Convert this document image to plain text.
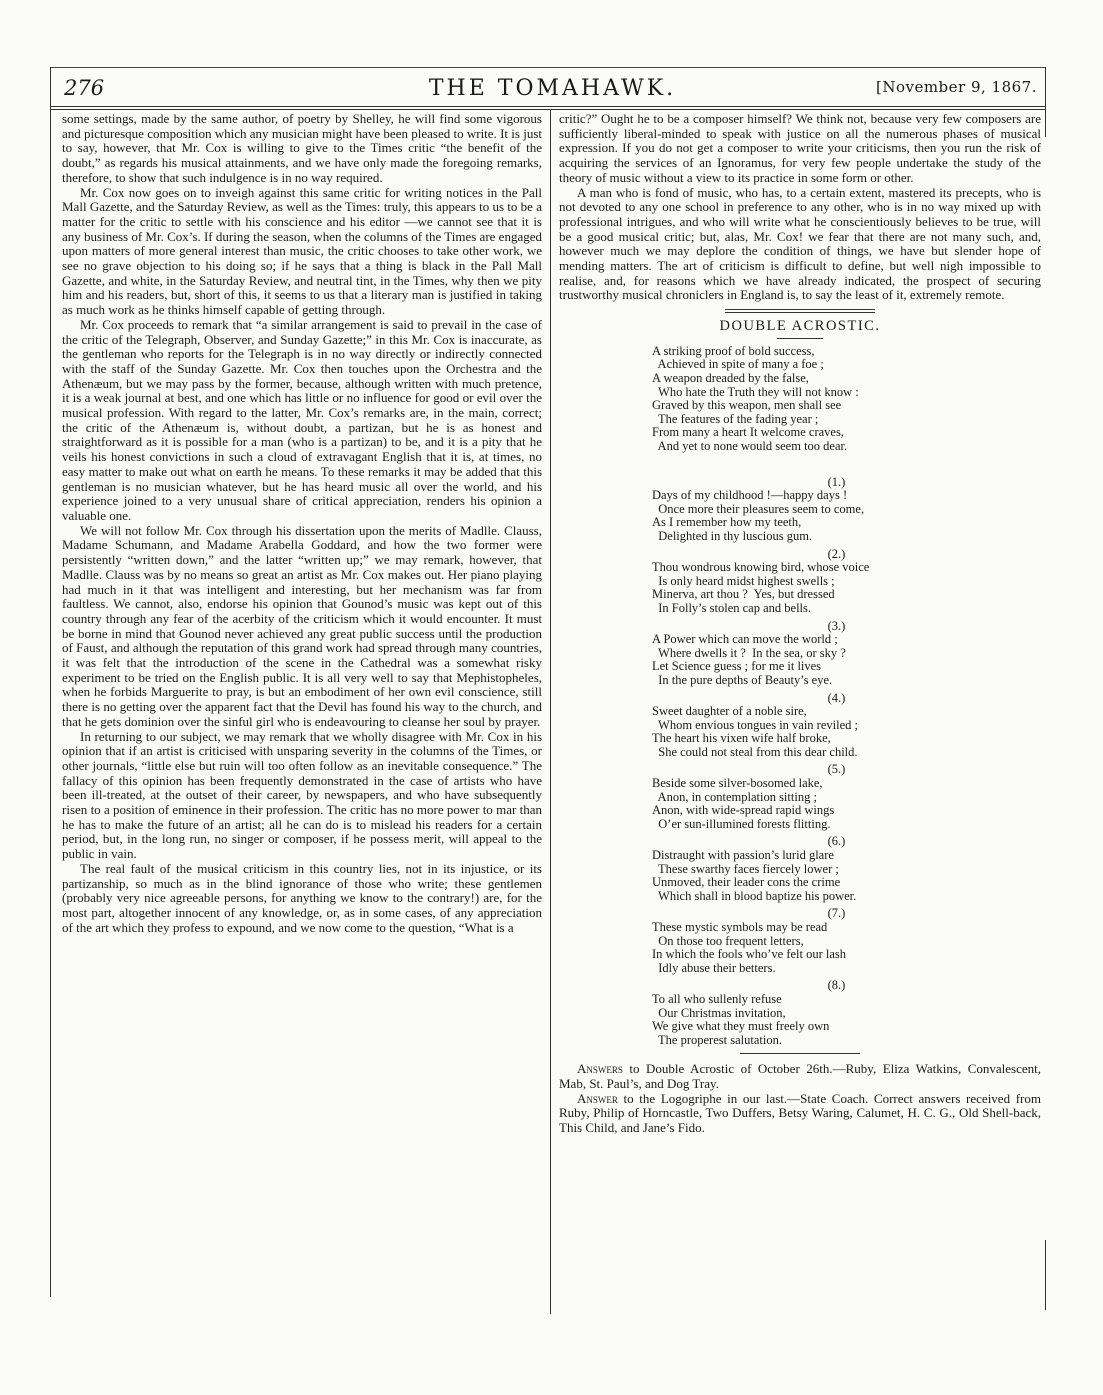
276	THE TOMAHAWK.	[November 9, 1867.

some settings, made by the same author, of poetry by Shelley, he will find some vigorous and picturesque composition which any musician might have been pleased to write. It is just to say, however, that Mr. Cox is willing to give to the Times critic “the benefit of the doubt,” as regards his musical attainments, and we have only made the foregoing remarks, therefore, to show that such indulgence is in no way required.

Mr. Cox now goes on to inveigh against this same critic for writing notices in the Pall Mall Gazette, and the Saturday Review, as well as the Times: truly, this appears to us to be a matter for the critic to settle with his conscience and his editor —we cannot see that it is any business of Mr. Cox’s. If during the season, when the columns of the Times are engaged upon matters of more general interest than music, the critic chooses to take other work, we see no grave objection to his doing so; if he says that a thing is black in the Pall Mall Gazette, and white, in the Saturday Review, and neutral tint, in the Times, why then we pity him and his readers, but, short of this, it seems to us that a literary man is justified in taking as much work as he thinks himself capable of getting through.

Mr. Cox proceeds to remark that “a similar arrangement is said to prevail in the case of the critic of the Telegraph, Observer, and Sunday Gazette;” in this Mr. Cox is inaccurate, as the gentleman who reports for the Telegraph is in no way directly or indirectly connected with the staff of the Sunday Gazette. Mr. Cox then touches upon the Orchestra and the Athenæum, but we may pass by the former, because, although written with much pretence, it is a weak journal at best, and one which has little or no influence for good or evil over the musical profession. With regard to the latter, Mr. Cox’s remarks are, in the main, correct; the critic of the Athenæum is, without doubt, a partizan, but he is as honest and straightforward as it is possible for a man (who is a partizan) to be, and it is a pity that he veils his honest convictions in such a cloud of extravagant English that it is, at times, no easy matter to make out what on earth he means. To these remarks it may be added that this gentleman is no musician whatever, but he has heard music all over the world, and his experience joined to a very unusual share of critical appreciation, renders his opinion a valuable one.

We will not follow Mr. Cox through his dissertation upon the merits of Madlle. Clauss, Madame Schumann, and Madame Arabella Goddard, and how the two former were persistently “written down,” and the latter “written up;” we may remark, however, that Madlle. Clauss was by no means so great an artist as Mr. Cox makes out. Her piano playing had much in it that was intelligent and interesting, but her mechanism was far from faultless. We cannot, also, endorse his opinion that Gounod’s music was kept out of this country through any fear of the acerbity of the criticism which it would encounter. It must be borne in mind that Gounod never achieved any great public success until the production of Faust, and although the reputation of this grand work had spread through many countries, it was felt that the introduction of the scene in the Cathedral was a somewhat risky experiment to be tried on the English public. It is all very well to say that Mephistopheles, when he forbids Marguerite to pray, is but an embodiment of her own evil conscience, still there is no getting over the apparent fact that the Devil has found his way to the church, and that he gets dominion over the sinful girl who is endeavouring to cleanse her soul by prayer.

In returning to our subject, we may remark that we wholly disagree with Mr. Cox in his opinion that if an artist is criticised with unsparing severity in the columns of the Times, or other journals, “little else but ruin will too often follow as an inevitable consequence.” The fallacy of this opinion has been frequently demonstrated in the case of artists who have been ill-treated, at the outset of their career, by newspapers, and who have subsequently risen to a position of eminence in their profession. The critic has no more power to mar than he has to make the future of an artist; all he can do is to mislead his readers for a certain period, but, in the long run, no singer or composer, if he possess merit, will appeal to the public in vain.

The real fault of the musical criticism in this country lies, not in its injustice, or its partizanship, so much as in the blind ignorance of those who write; these gentlemen (probably very nice agreeable persons, for anything we know to the contrary!) are, for the most part, altogether innocent of any knowledge, or, as in some cases, of any appreciation of the art which they profess to expound, and we now come to the question, “What is a

critic?” Ought he to be a composer himself? We think not, because very few composers are sufficiently liberal-minded to speak with justice on all the numerous phases of musical expression. If you do not get a composer to write your criticisms, then you run the risk of acquiring the services of an Ignoramus, for very few people undertake the study of the theory of music without a view to its practice in some form or other.

A man who is fond of music, who has, to a certain extent, mastered its precepts, who is not devoted to any one school in preference to any other, who is in no way mixed up with professional intrigues, and who will write what he conscientiously believes to be true, will be a good musical critic; but, alas, Mr. Cox! we fear that there are not many such, and, however much we may deplore the condition of things, we have but slender hope of mending matters. The art of criticism is difficult to define, but well nigh impossible to realise, and, for reasons which we have already indicated, the prospect of securing trustworthy musical chroniclers in England is, to say the least of it, extremely remote.

DOUBLE ACROSTIC.
A striking proof of bold success,
Achieved in spite of many a foe ;
A weapon dreaded by the false,
Who hate the Truth they will not know :
Graved by this weapon, men shall see
The features of the fading year ;
From many a heart It welcome craves,
And yet to none would seem too dear.
(1.)
Days of my childhood !—happy days !
Once more their pleasures seem to come,
As I remember how my teeth,
Delighted in thy luscious gum.
(2.)
Thou wondrous knowing bird, whose voice
Is only heard midst highest swells ;
Minerva, art thou ?  Yes, but dressed
In Folly’s stolen cap and bells.
(3.)
A Power which can move the world ;
Where dwells it ?  In the sea, or sky ?
Let Science guess ; for me it lives
In the pure depths of Beauty’s eye.
(4.)
Sweet daughter of a noble sire,
Whom envious tongues in vain reviled ;
The heart his vixen wife half broke,
She could not steal from this dear child.
(5.)
Beside some silver-bosomed lake,
Anon, in contemplation sitting ;
Anon, with wide-spread rapid wings
O’er sun-illumined forests flitting.
(6.)
Distraught with passion’s lurid glare
These swarthy faces fiercely lower ;
Unmoved, their leader cons the crime
Which shall in blood baptize his power.
(7.)
These mystic symbols may be read
On those too frequent letters,
In which the fools who’ve felt our lash
Idly abuse their betters.
(8.)
To all who sullenly refuse
Our Christmas invitation,
We give what they must freely own
The properest salutation.

Answers to Double Acrostic of October 26th.—Ruby, Eliza Watkins, Convalescent, Mab, St. Paul’s, and Dog Tray.

Answer to the Logogriphe in our last.—State Coach. Correct answers received from Ruby, Philip of Horncastle, Two Duffers, Betsy Waring, Calumet, H. C. G., Old Shell-back, This Child, and Jane’s Fido.
